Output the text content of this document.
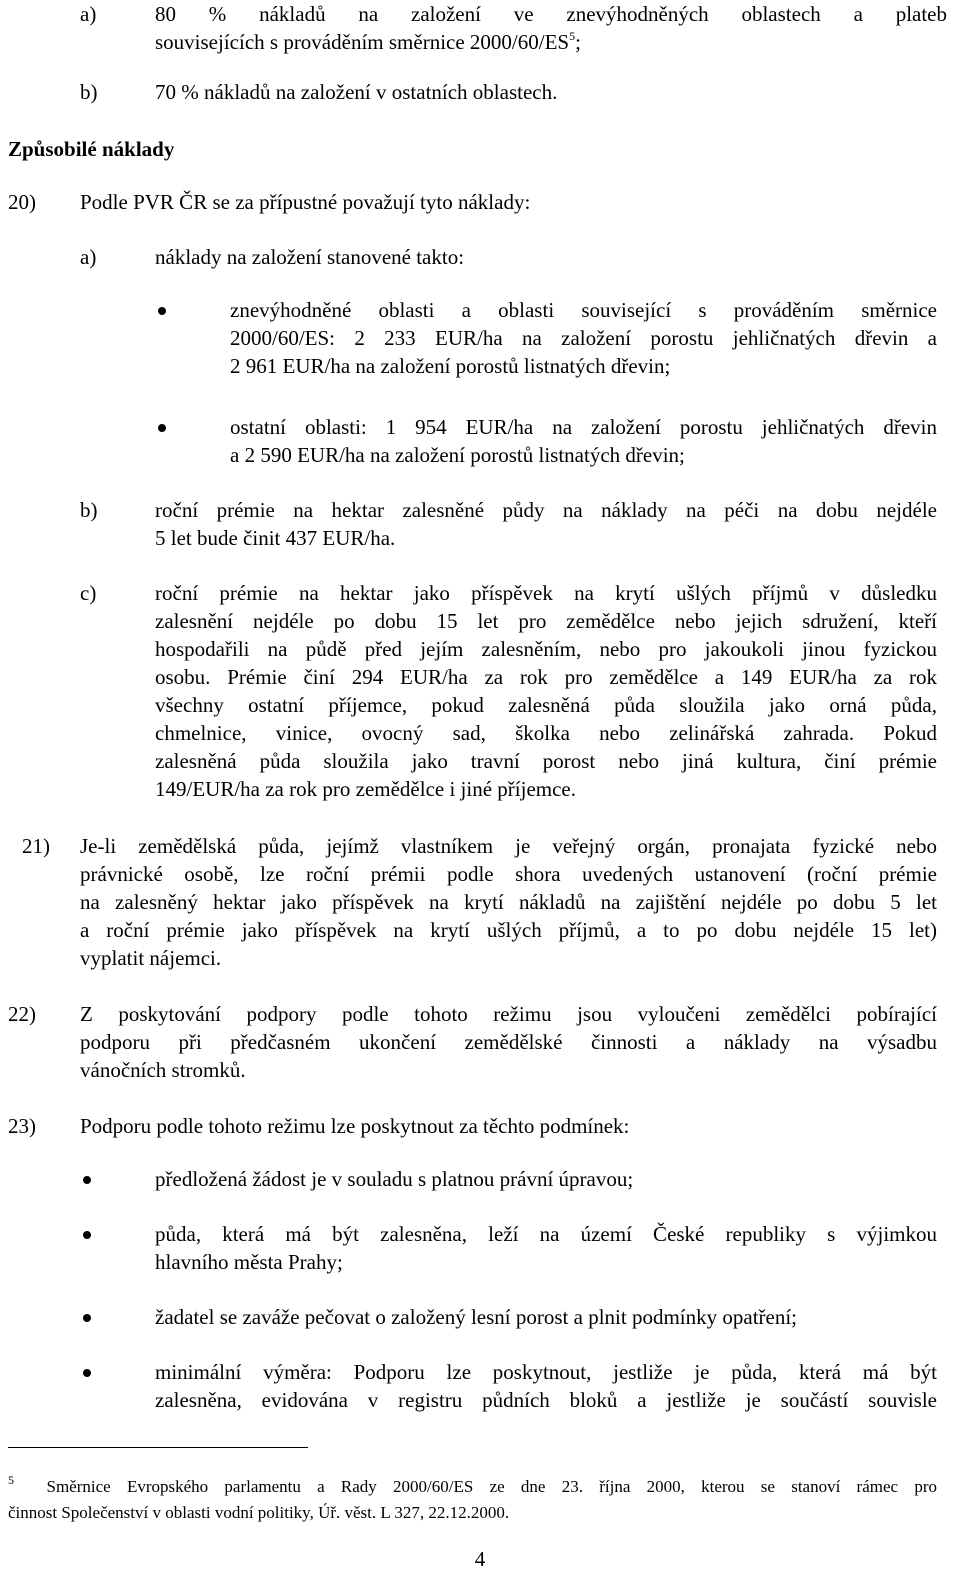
a)	80 % nákladů na založení ve znevýhodněných oblastech a plateb
souvisejících s prováděním směrnice $2000/60/ES^5$;
b)	70 % nákladů na založení v ostatních oblastech.
Způsobilé náklady
20) Podle PVR ČR se za přípustné považují tyto náklady:
a)	náklady na založení stanovené takto:
znevýhodněné oblasti a oblasti související s prováděním směrnice
2000/60/ES: 2 233 EUR/ha na založení porostu jehličnatých dřevin a
2 961 EUR/ha na založení porostů listnatých dřevin;
ostatní oblasti: 1 954 EUR/ha na založení porostu jehličnatých dřevin
a 2 590 EUR/ha na založení porostů listnatých dřevin;
b)	roční prémie na hektar zalesněné půdy na náklady na péči na dobu nejdéle
5 let bude činit 437 EUR/ha.
c)	roční prémie na hektar jako příspěvek na krytí ušlých příjmů v důsledku
zalesnění nejdéle po dobu 15 let pro zemědělce nebo jejich sdružení, kteří
hospodařili na půdě před jejím zalesněním, nebo pro jakoukoli jinou fyzickou
osobu. Prémie činí 294 EUR/ha za rok pro zemědělce a 149 EUR/ha za rok
všechny ostatní příjemce, pokud zalesněná půda sloužila jako orná půda,
chmelnice, vinice, ovocný sad, školka nebo zelinářská zahrada. Pokud
zalesněná půda sloužila jako travní porost nebo jiná kultura, činí prémie
149/EUR/ha za rok pro zemědělce i jiné příjemce.
21) Je-li zemědělská půda, jejímž vlastníkem je veřejný orgán, pronajata fyzické nebo
právnické osobě, lze roční prémii podle shora uvedených ustanovení (roční prémie
na zalesněný hektar jako příspěvek na krytí nákladů na zajištění nejdéle po dobu 5 let
a roční prémie jako příspěvek na krytí ušlých příjmů, a to po dobu nejdéle 15 let)
vyplatit nájemci.
22) Z poskytování podpory podle tohoto režimu jsou vyloučeni zemědělci pobírající
podporu při předčasném ukončení zemědělské činnosti a náklady na výsadbu
vánočních stromků.
23) Podporu podle tohoto režimu lze poskytnout za těchto podmínek:
předložená žádost je v souladu s platnou právní úpravou;
půda, která má být zalesněna, leží na území České republiky s výjimkou
hlavního města Prahy;
žadatel se zaváže pečovat o založený lesní porost a plnit podmínky opatření;
minimální výměra: Podporu lze poskytnout, jestliže je půda, která má být
zalesněna, evidována v registru půdních bloků a jestliže je součástí souvisle
$^5$ Směrnice Evropského parlamentu a Rady 2000/60/ES ze dne 23. října 2000, kterou se stanoví rámec pro
činnost Společenství v oblasti vodní politiky, Úř. věst. L 327, 22.12.2000.
4
